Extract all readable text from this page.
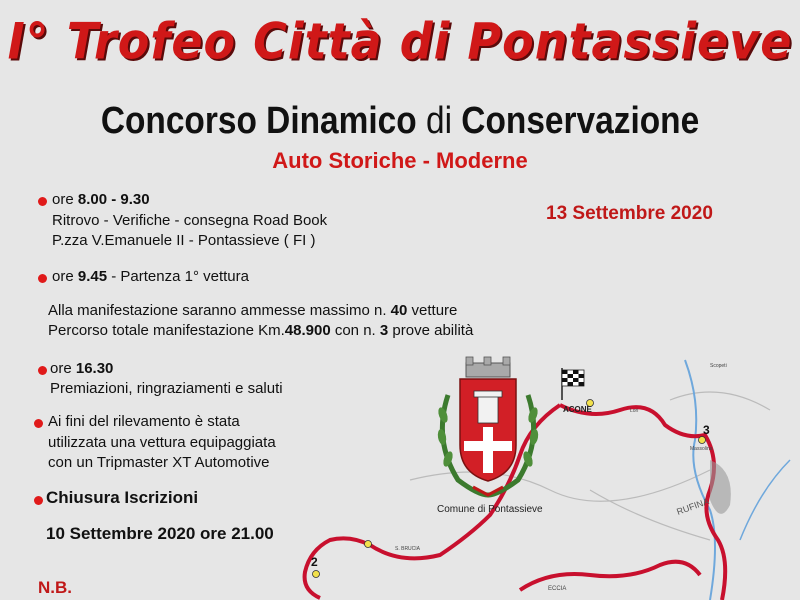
I° Trofeo Città di Pontassieve
Concorso Dinamico di Conservazione
Auto Storiche - Moderne
13 Settembre 2020
ore 8.00 - 9.30
Ritrovo - Verifiche - consegna Road Book
P.zza V.Emanuele II - Pontassieve ( FI )
ore 9.45 - Partenza 1° vettura
Alla manifestazione saranno ammesse massimo n. 40 vetture
Percorso totale manifestazione Km.48.900 con n. 3 prove abilità
ore 16.30
Premiazioni, ringraziamenti e saluti
Ai fini del rilevamento è stata
utilizzata una vettura equipaggiata
con un Tripmaster XT Automotive
Chiusura Iscrizioni
10 Settembre 2020 ore 21.00
N.B.
ACONE
3
2
RUFINA
S. BRUCIA
Scopeti
Lori
Massolina
ECCIA
Comune di Pontassieve
